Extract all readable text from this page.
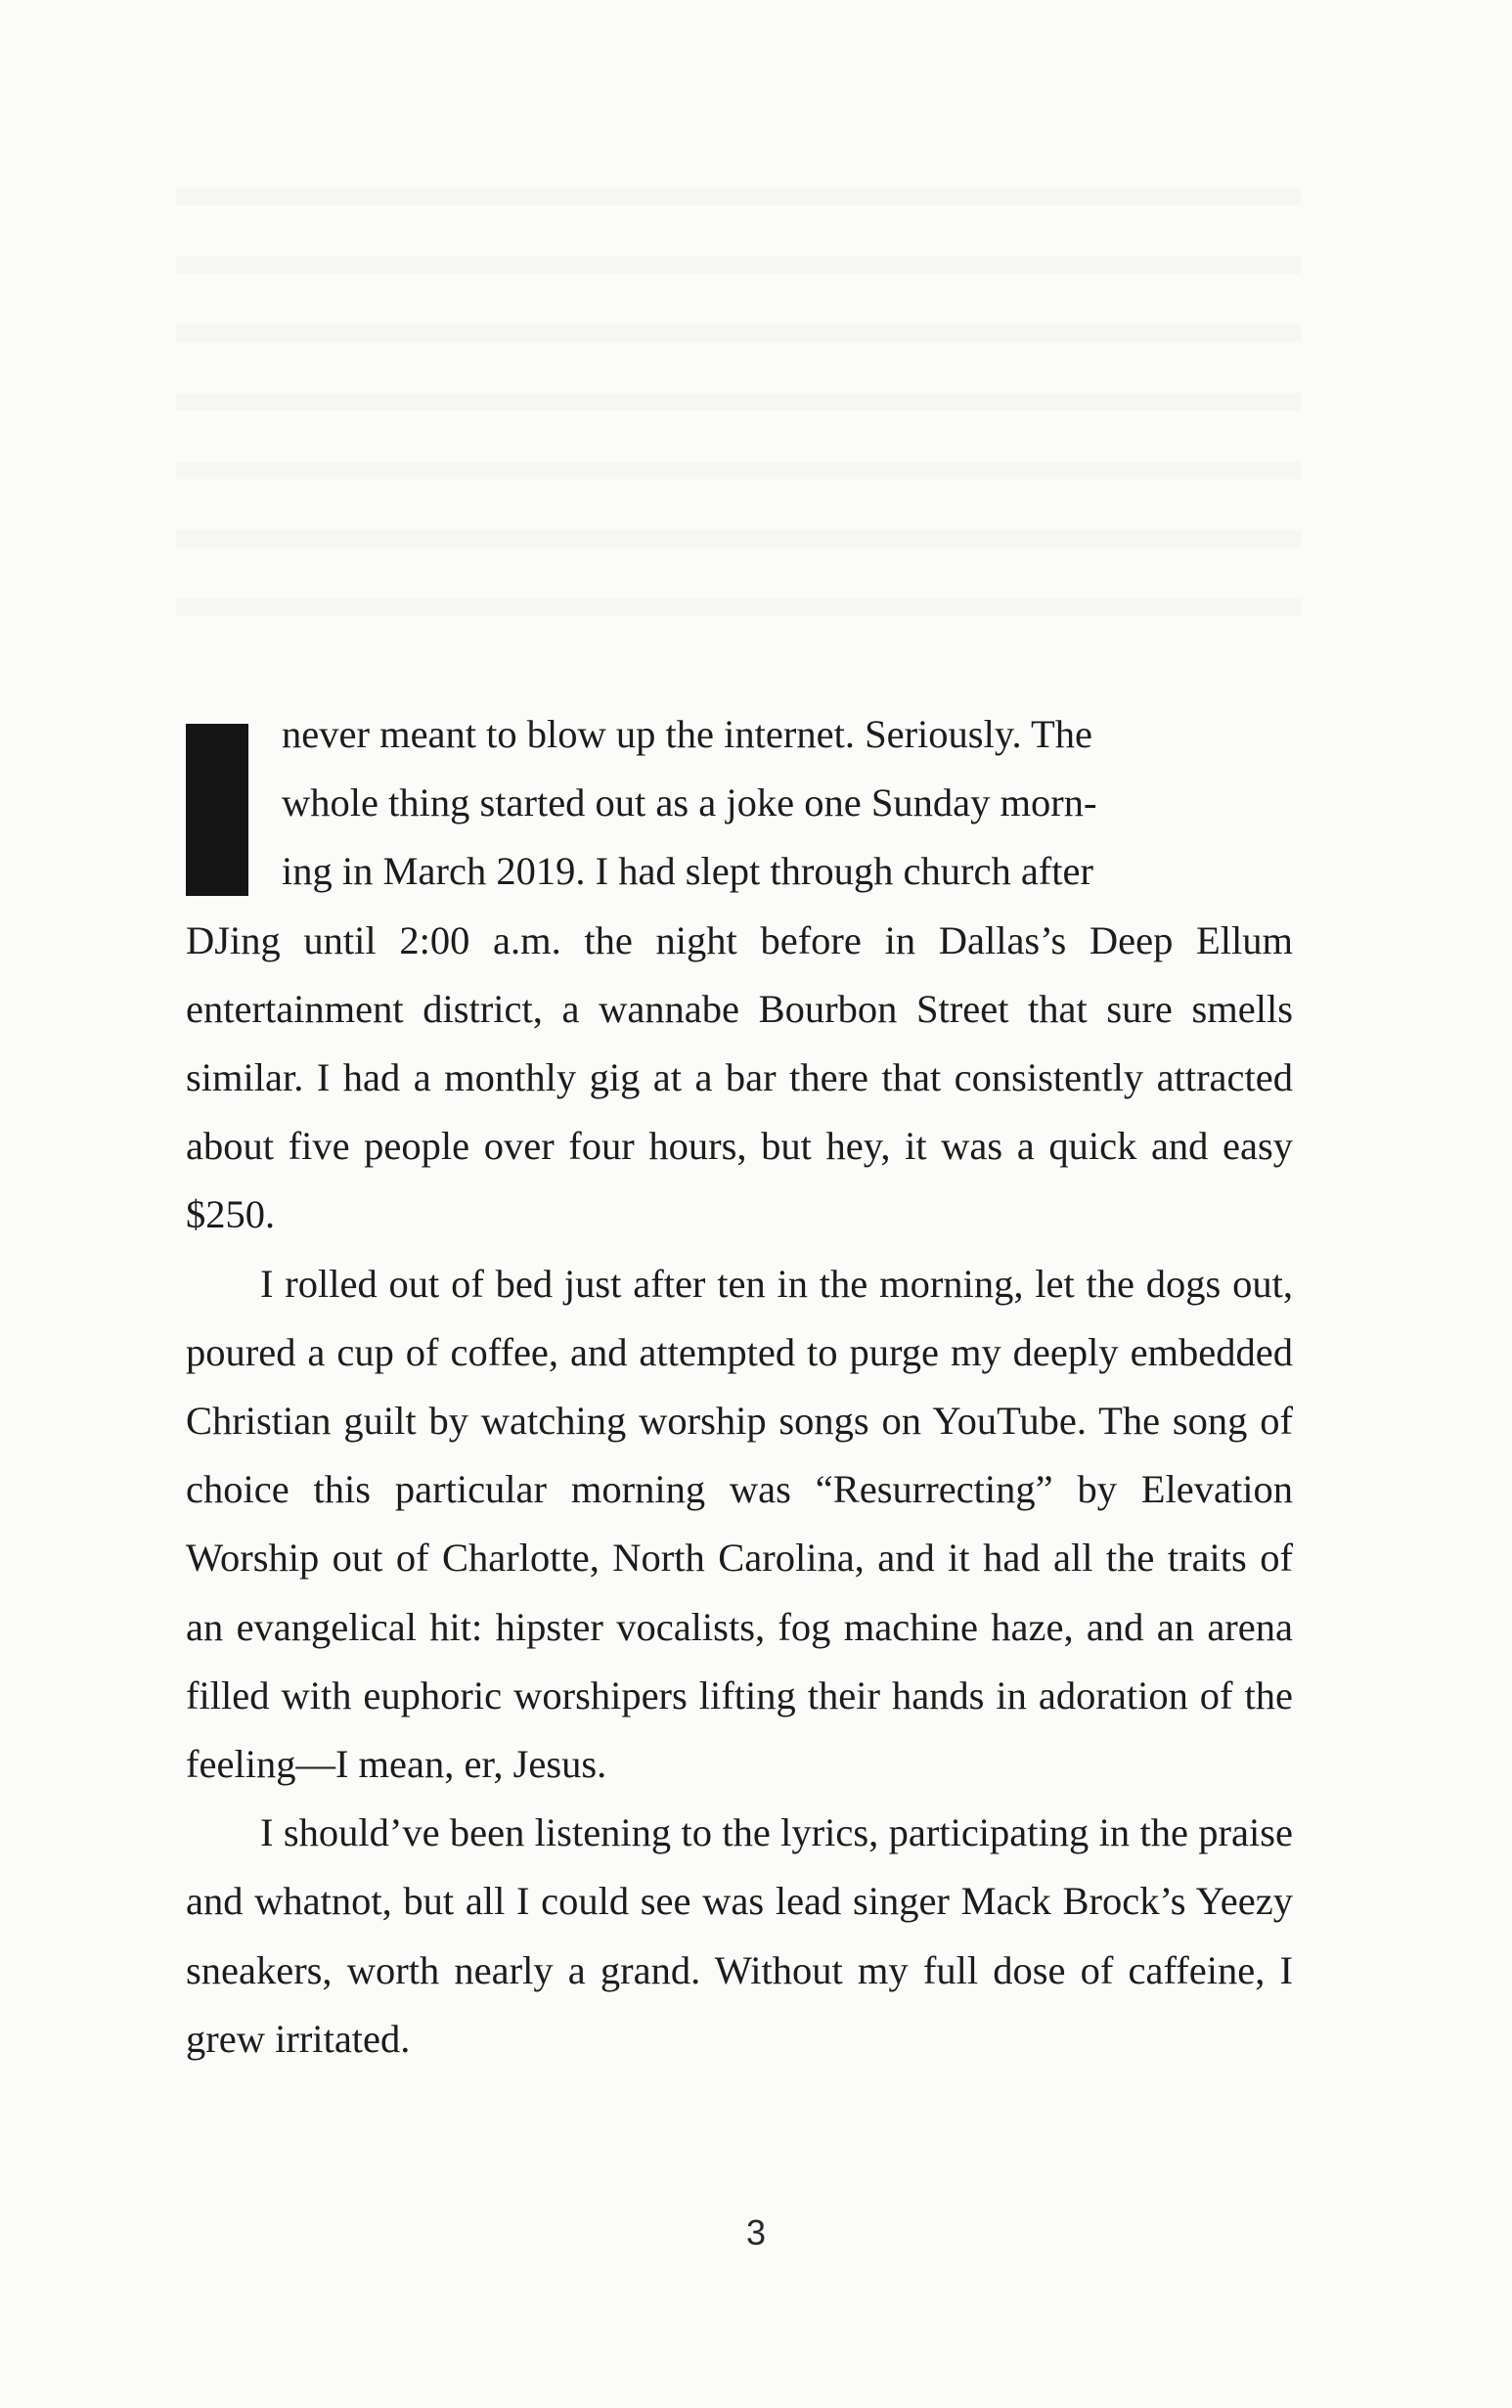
never meant to blow up the internet. Seriously. The
whole thing started out as a joke one Sunday morn-
ing in March 2019. I had slept through church after
DJing until 2:00 a.m. the night before in Dallas’s Deep Ellum entertainment district, a wannabe Bourbon Street that sure smells similar. I had a monthly gig at a bar there that consistently attracted about five people over four hours, but hey, it was a quick and easy $250.

I rolled out of bed just after ten in the morning, let the dogs out, poured a cup of coffee, and attempted to purge my deeply embedded Christian guilt by watching worship songs on YouTube. The song of choice this particular morning was “Resurrecting” by Elevation Worship out of Charlotte, North Carolina, and it had all the traits of an evangelical hit: hipster vocalists, fog machine haze, and an arena filled with euphoric worshipers lifting their hands in adoration of the feeling—I mean, er, Jesus.

I should’ve been listening to the lyrics, participating in the praise and whatnot, but all I could see was lead singer Mack Brock’s Yeezy sneakers, worth nearly a grand. Without my full dose of caffeine, I grew irritated.

3
